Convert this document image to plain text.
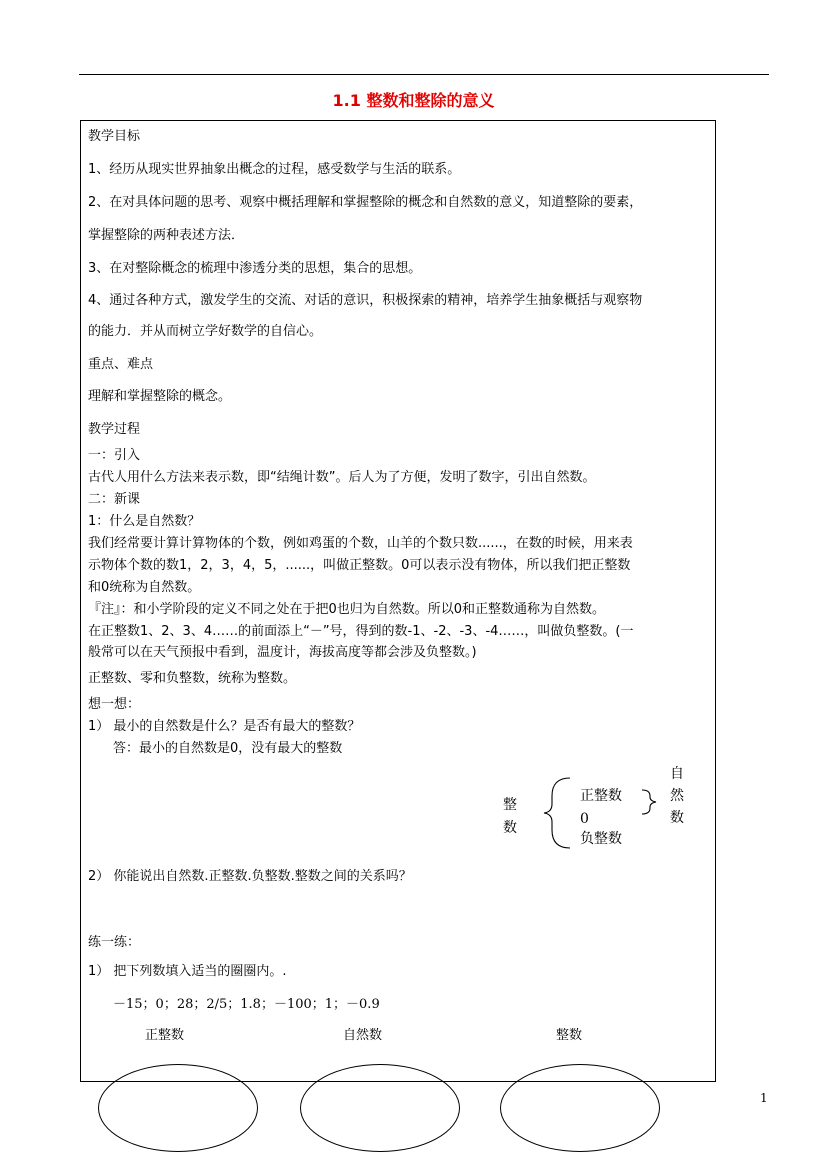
1.1 整数和整除的意义
教学目标
1、经历从现实世界抽象出概念的过程，感受数学与生活的联系。
2、在对具体问题的思考、观察中概括理解和掌握整除的概念和自然数的意义，知道整除的要素，
掌握整除的两种表述方法．
3、在对整除概念的梳理中渗透分类的思想，集合的思想。
4、通过各种方式，激发学生的交流、对话的意识，积极探索的精神，培养学生抽象概括与观察物
的能力．并从而树立学好数学的自信心。
重点、难点
理解和掌握整除的概念。
教学过程
一：引入
古代人用什么方法来表示数，即“结绳计数”。后人为了方便，发明了数字，引出自然数。
二：新课
1：什么是自然数？
我们经常要计算计算物体的个数，例如鸡蛋的个数，山羊的个数只数......，在数的时候，用来表
示物体个数的数1，2，3，4，5，......，叫做正整数。0可以表示没有物体，所以我们把正整数
和0统称为自然数。
『注』：和小学阶段的定义不同之处在于把0也归为自然数。所以0和正整数通称为自然数。
在正整数1、2、3、4……的前面添上“－”号，得到的数-1、-2、-3、-4……，叫做负整数。(一
般常可以在天气预报中看到，温度计，海拔高度等都会涉及负整数。)
正整数、零和负整数，统称为整数。
想一想：
1） 最小的自然数是什么？是否有最大的整数？
答：最小的自然数是0，没有最大的整数
整
数
正整数
0
负整数
自
然
数
2） 你能说出自然数.正整数.负整数.整数之间的关系吗？
练一练：
1） 把下列数填入适当的圈圈内。.
－15；0；28；2/5；1.8；－100；1；－0.9
正整数	自然数	整数
1
